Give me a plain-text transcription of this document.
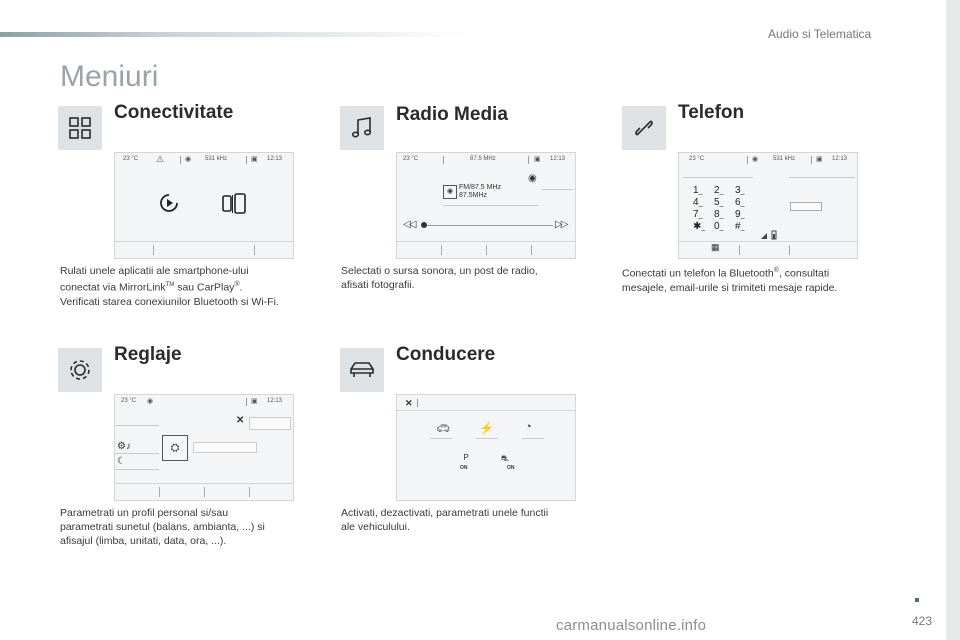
Audio si Telematica
Meniuri
Conectivitate
23 °C ⚠	◉ 531 kHz	▣ 12:13

Rulati unele aplicatii ale smartphone-ului

conectat via MirrorLink™ sau CarPlay®.

Verificati starea conexiunilor Bluetooth si Wi-Fi.

Radio Media
23 °C	87.5 MHz	▣ 12:13
◉
◉
FM/87.5 MHz
87.5MHz
◁◁	▷▷

Selectati o sursa sonora, un post de radio,

afisati fotografii.

Telefon
23 °C	◉ 531 kHz	▣ 12:13
1_	2_	3_
4_	5_	6_
7_	8_	9_
✱_ 0_	#_
▦

Conectati un telefon la Bluetooth®, consultati

mesajele, email-urile si trimiteti mesaje rapide.

Reglaje
23 °C ◉	▣ 12:13
✕
⚙♪
☾
⛭

Parametrati un profil personal si/sau

parametrati sunetul (balans, ambianta, ...) si

afisajul (limba, unitati, data, ora, ...).

Conducere
✕
🚗︎ ⚡	◔
P
ON
⛐
ON

Activati, dezactivati, parametrati unele functii

ale vehiculului.

423
carmanualsonline.info
